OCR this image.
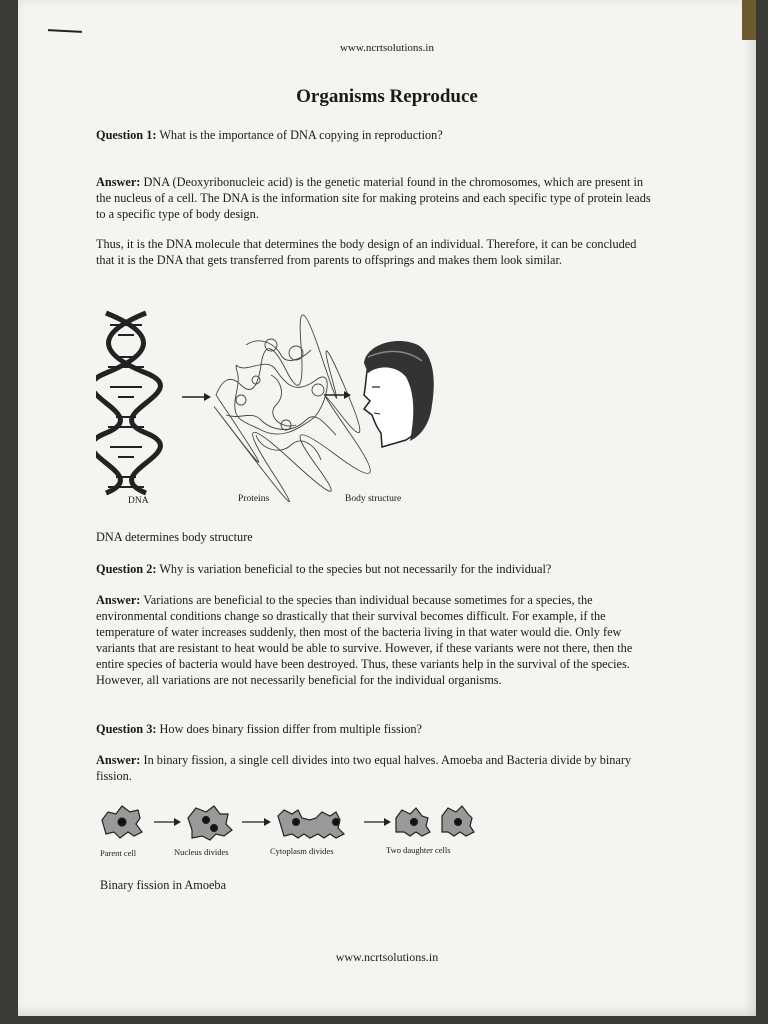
www.ncrtsolutions.in
Organisms Reproduce
Question 1: What is the importance of DNA copying in reproduction?
Answer: DNA (Deoxyribonucleic acid) is the genetic material found in the chromosomes, which are present in the nucleus of a cell. The DNA is the information site for making proteins and each specific type of protein leads to a specific type of body design.
Thus, it is the DNA molecule that determines the body design of an individual. Therefore, it can be concluded that it is the DNA that gets transferred from parents to offsprings and makes them look similar.
DNA	Proteins	Body structure
DNA determines body structure
Question 2: Why is variation beneficial to the species but not necessarily for the individual?
Answer: Variations are beneficial to the species than individual because sometimes for a species, the environmental conditions change so drastically that their survival becomes difficult. For example, if the temperature of water increases suddenly, then most of the bacteria living in that water would die. Only few variants that are resistant to heat would be able to survive. However, if these variants were not there, then the entire species of bacteria would have been destroyed. Thus, these variants help in the survival of the species. However, all variations are not necessarily beneficial for the individual organisms.
Question 3: How does binary fission differ from multiple fission?
Answer: In binary fission, a single cell divides into two equal halves. Amoeba and Bacteria divide by binary fission.
Parent cell	Nucleus divides	Cytoplasm divides	Two daughter cells
Binary fission in Amoeba
www.ncrtsolutions.in
